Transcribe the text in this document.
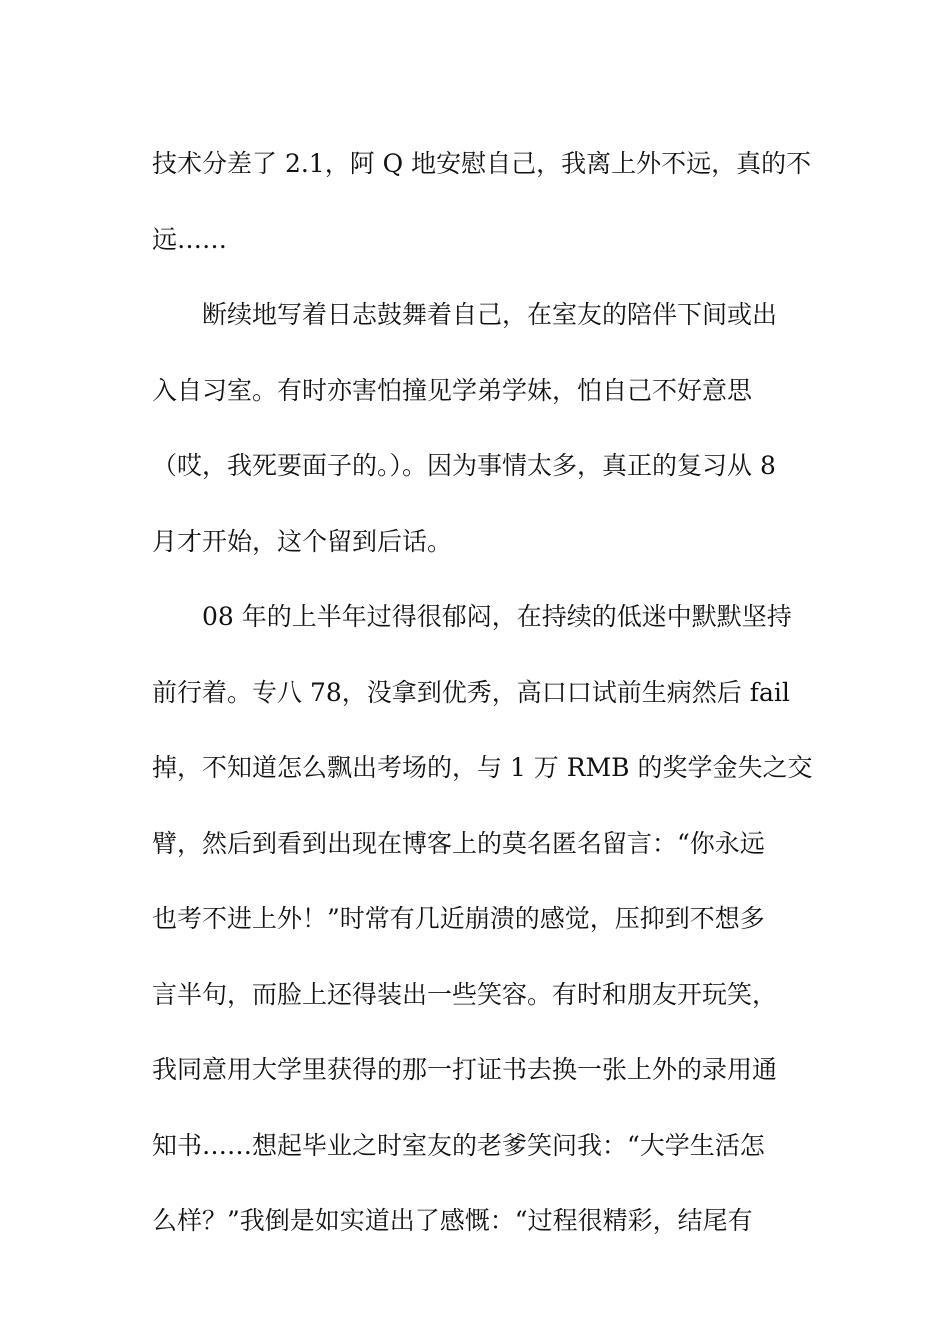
技术分差了 2.1，阿 Q 地安慰自己，我离上外不远，真的不
远……
断续地写着日志鼓舞着自己，在室友的陪伴下间或出
入自习室。有时亦害怕撞见学弟学妹，怕自己不好意思
（哎，我死要面子的。）。因为事情太多，真正的复习从 8
月才开始，这个留到后话。
08 年的上半年过得很郁闷，在持续的低迷中默默坚持
前行着。专八 78，没拿到优秀，高口口试前生病然后 fail
掉，不知道怎么飘出考场的，与 1 万 RMB 的奖学金失之交
臂，然后到看到出现在博客上的莫名匿名留言：“你永远
也考不进上外！”时常有几近崩溃的感觉，压抑到不想多
言半句，而脸上还得装出一些笑容。有时和朋友开玩笑，
我同意用大学里获得的那一打证书去换一张上外的录用通
知书……想起毕业之时室友的老爹笑问我：“大学生活怎
么样？”我倒是如实道出了感慨：“过程很精彩，结尾有
